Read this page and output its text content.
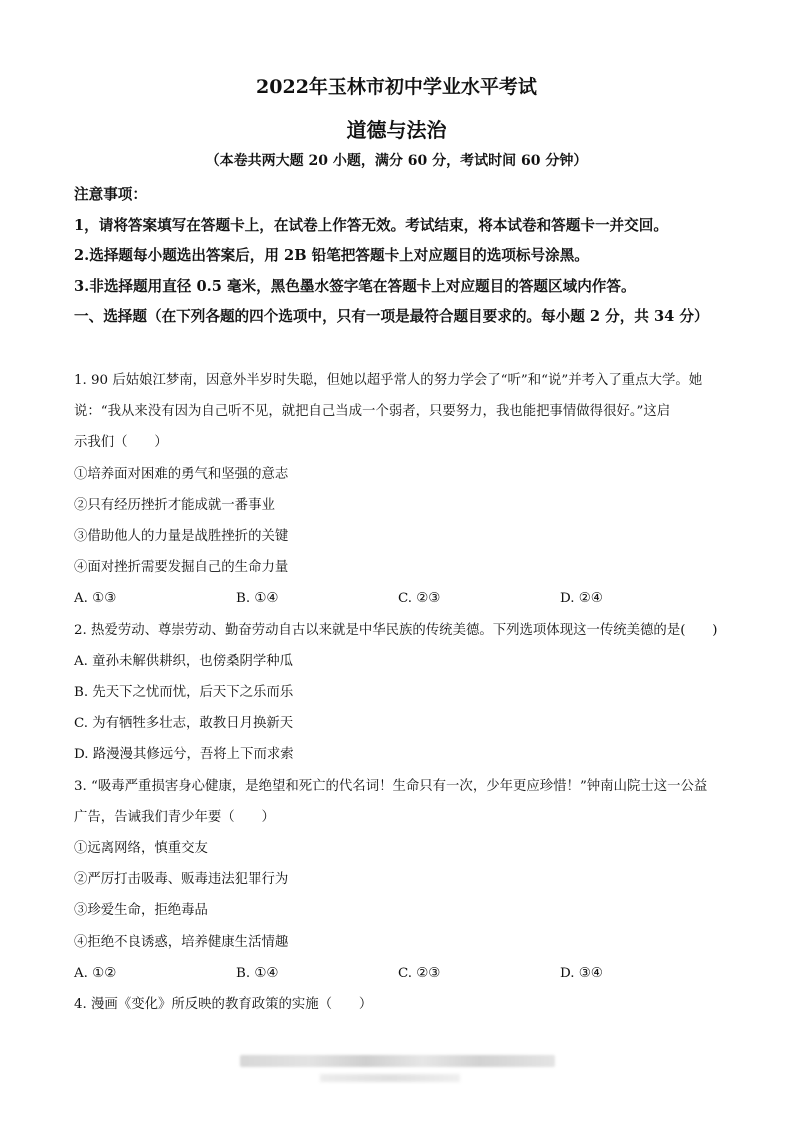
2022年玉林市初中学业水平考试
道德与法治
（本卷共两大题 20 小题，满分 60 分，考试时间 60 分钟）

注意事项：

1，请将答案填写在答题卡上，在试卷上作答无效。考试结束，将本试卷和答题卡一并交回。

2.选择题每小题选出答案后，用 2B 铅笔把答题卡上对应题目的选项标号涂黑。

3.非选择题用直径 0.5 毫米，黑色墨水签字笔在答题卡上对应题目的答题区域内作答。

一、选择题（在下列各题的四个选项中，只有一项是最符合题目要求的。每小题 2 分，共 34 分）

1. 90 后姑娘江梦南，因意外半岁时失聪，但她以超乎常人的努力学会了“听”和“说”并考入了重点大学。她

说：“我从来没有因为自己听不见，就把自己当成一个弱者，只要努力，我也能把事情做得很好。”这启

示我们（　　）

①培养面对困难的勇气和坚强的意志

②只有经历挫折才能成就一番事业

③借助他人的力量是战胜挫折的关键

④面对挫折需要发掘自己的生命力量

A. ①③	B. ①④	C. ②③	D. ②④

2. 热爱劳动、尊崇劳动、勤奋劳动自古以来就是中华民族的传统美德。下列选项体现这一传统美德的是(　　)

A. 童孙未解供耕织，也傍桑阴学种瓜

B. 先天下之忧而忧，后天下之乐而乐

C. 为有牺牲多壮志，敢教日月换新天

D. 路漫漫其修远兮，吾将上下而求索

3. “吸毒严重损害身心健康，是绝望和死亡的代名词！生命只有一次，少年更应珍惜！”钟南山院士这一公益

广告，告诫我们青少年要（　　）

①远离网络，慎重交友

②严厉打击吸毒、贩毒违法犯罪行为

③珍爱生命，拒绝毒品

④拒绝不良诱惑，培养健康生活情趣

A. ①②	B. ①④	C. ②③	D. ③④

4. 漫画《变化》所反映的教育政策的实施（　　）
